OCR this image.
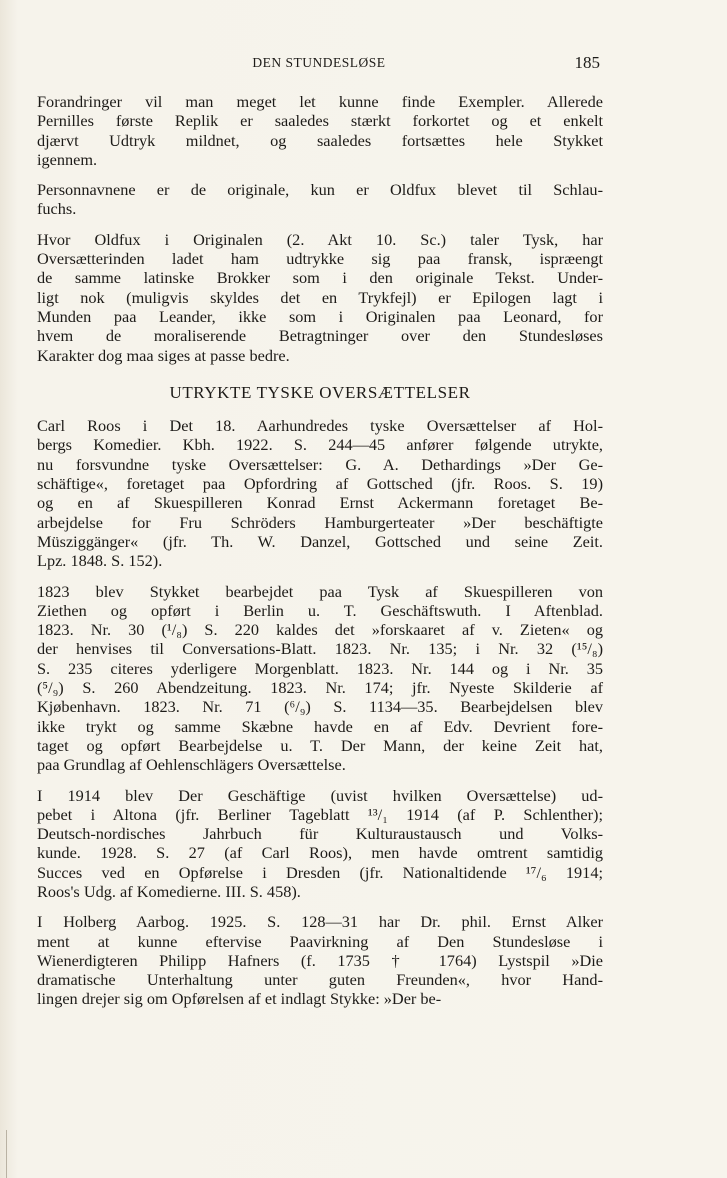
DEN STUNDESLØSE	185

Forandringer vil man meget let kunne finde Exempler. Allerede
Pernilles første Replik er saaledes stærkt forkortet og et enkelt
djærvt Udtryk mildnet, og saaledes fortsættes hele Stykket
igennem.

Personnavnene er de originale, kun er Oldfux blevet til Schlau-
fuchs.

Hvor Oldfux i Originalen (2. Akt 10. Sc.) taler Tysk, har
Oversætterinden ladet ham udtrykke sig paa fransk, ispræengt
de samme latinske Brokker som i den originale Tekst. Under-
ligt nok (muligvis skyldes det en Trykfejl) er Epilogen lagt i
Munden paa Leander, ikke som i Originalen paa Leonard, for
hvem de moraliserende Betragtninger over den Stundesløses
Karakter dog maa siges at passe bedre.

UTRYKTE TYSKE OVERSÆTTELSER

Carl Roos i Det 18. Aarhundredes tyske Oversættelser af Hol-
bergs Komedier. Kbh. 1922. S. 244—45 anfører følgende utrykte,
nu forsvundne tyske Oversættelser: G. A. Dethardings »Der Ge-
schäftige«, foretaget paa Opfordring af Gottsched (jfr. Roos. S. 19)
og en af Skuespilleren Konrad Ernst Ackermann foretaget Be-
arbejdelse for Fru Schröders Hamburgerteater »Der beschäftigte
Müsziggänger« (jfr. Th. W. Danzel, Gottsched und seine Zeit.
Lpz. 1848. S. 152).

1823 blev Stykket bearbejdet paa Tysk af Skuespilleren von
Ziethen og opført i Berlin u. T. Geschäftswuth. I Aftenblad.
1823. Nr. 30 (¹/₈) S. 220 kaldes det »forskaaret af v. Zieten« og
der henvises til Conversations-Blatt. 1823. Nr. 135; i Nr. 32 (¹⁵/₈)
S. 235 citeres yderligere Morgenblatt. 1823. Nr. 144 og i Nr. 35
(⁵/₉) S. 260 Abendzeitung. 1823. Nr. 174; jfr. Nyeste Skilderie af
Kjøbenhavn. 1823. Nr. 71 (⁶/₉) S. 1134—35. Bearbejdelsen blev
ikke trykt og samme Skæbne havde en af Edv. Devrient fore-
taget og opført Bearbejdelse u. T. Der Mann, der keine Zeit hat,
paa Grundlag af Oehlenschlägers Oversættelse.

I 1914 blev Der Geschäftige (uvist hvilken Oversættelse) ud-
pebet i Altona (jfr. Berliner Tageblatt ¹³/₁ 1914 (af P. Schlenther);
Deutsch-nordisches Jahrbuch für Kulturaustausch und Volks-
kunde. 1928. S. 27 (af Carl Roos), men havde omtrent samtidig
Succes ved en Opførelse i Dresden (jfr. Nationaltidende ¹⁷/₆ 1914;
Roos's Udg. af Komedierne. III. S. 458).

I Holberg Aarbog. 1925. S. 128—31 har Dr. phil. Ernst Alker
ment at kunne eftervise Paavirkning af Den Stundesløse i
Wienerdigteren Philipp Hafners (f. 1735 † 1764) Lystspil »Die
dramatische Unterhaltung unter guten Freunden«, hvor Hand-
lingen drejer sig om Opførelsen af et indlagt Stykke: »Der be-
